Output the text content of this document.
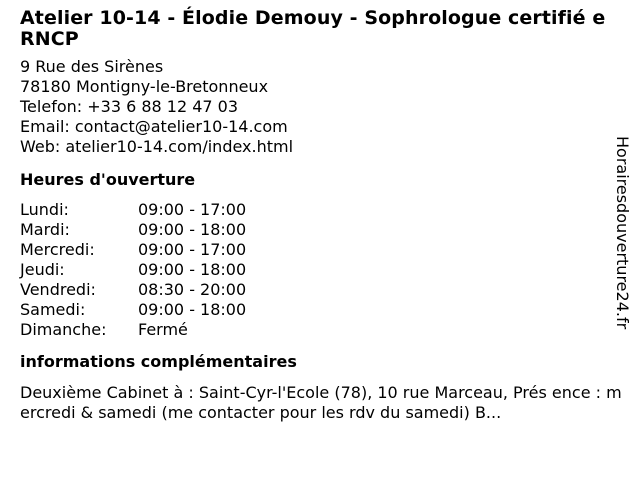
Atelier 10-14 - Élodie Demouy - Sophrologue certifié e RNCP
9 Rue des Sirènes
78180 Montigny-le-Bretonneux
Telefon: +33 6 88 12 47 03
Email: contact@atelier10-14.com
Web: atelier10-14.com/index.html
Heures d'ouverture
Lundi:	09:00 - 17:00
Mardi:	09:00 - 18:00
Mercredi:	09:00 - 17:00
Jeudi:	09:00 - 18:00
Vendredi:	08:30 - 20:00
Samedi:	09:00 - 18:00
Dimanche:	Fermé
informations complémentaires
Deuxième Cabinet à : Saint-Cyr-l'Ecole (78), 10 rue Marceau, Prés ence : mercredi & samedi (me contacter pour les rdv du samedi) B...
Horairesdouverture24.fr
